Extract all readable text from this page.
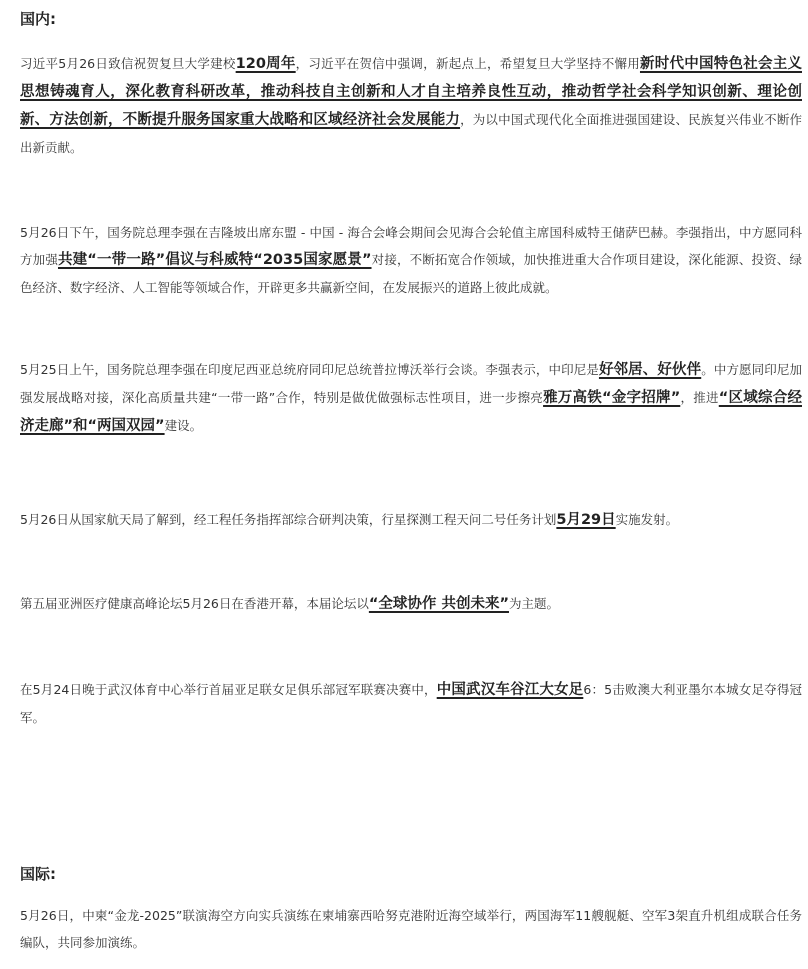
国内:

习近平5月26日致信祝贺复旦大学建校120周年，习近平在贺信中强调，新起点上，希望复旦大学坚持不懈用新时代中国特色社会主义思想铸魂育人，深化教育科研改革，推动科技自主创新和人才自主培养良性互动，推动哲学社会科学知识创新、理论创新、方法创新，不断提升服务国家重大战略和区域经济社会发展能力，为以中国式现代化全面推进强国建设、民族复兴伟业不断作出新贡献。

5月26日下午，国务院总理李强在吉隆坡出席东盟 - 中国 - 海合会峰会期间会见海合会轮值主席国科威特王储萨巴赫。李强指出，中方愿同科方加强共建“一带一路”倡议与科威特“2035国家愿景”对接，不断拓宽合作领域，加快推进重大合作项目建设，深化能源、投资、绿色经济、数字经济、人工智能等领域合作，开辟更多共赢新空间，在发展振兴的道路上彼此成就。

5月25日上午，国务院总理李强在印度尼西亚总统府同印尼总统普拉博沃举行会谈。李强表示，中印尼是好邻居、好伙伴。中方愿同印尼加强发展战略对接，深化高质量共建“一带一路”合作，特别是做优做强标志性项目，进一步擦亮雅万高铁“金字招牌”，推进“区域综合经济走廊”和“两国双园”建设。

5月26日从国家航天局了解到，经工程任务指挥部综合研判决策，行星探测工程天问二号任务计划5月29日实施发射。

第五届亚洲医疗健康高峰论坛5月26日在香港开幕，本届论坛以“全球协作 共创未来”为主题。

在5月24日晚于武汉体育中心举行首届亚足联女足俱乐部冠军联赛决赛中，中国武汉车谷江大女足6：5击败澳大利亚墨尔本城女足夺得冠军。

国际:

5月26日，中柬“金龙-2025”联演海空方向实兵演练在柬埔寨西哈努克港附近海空域举行，两国海军11艘舰艇、空军3架直升机组成联合任务编队，共同参加演练。
